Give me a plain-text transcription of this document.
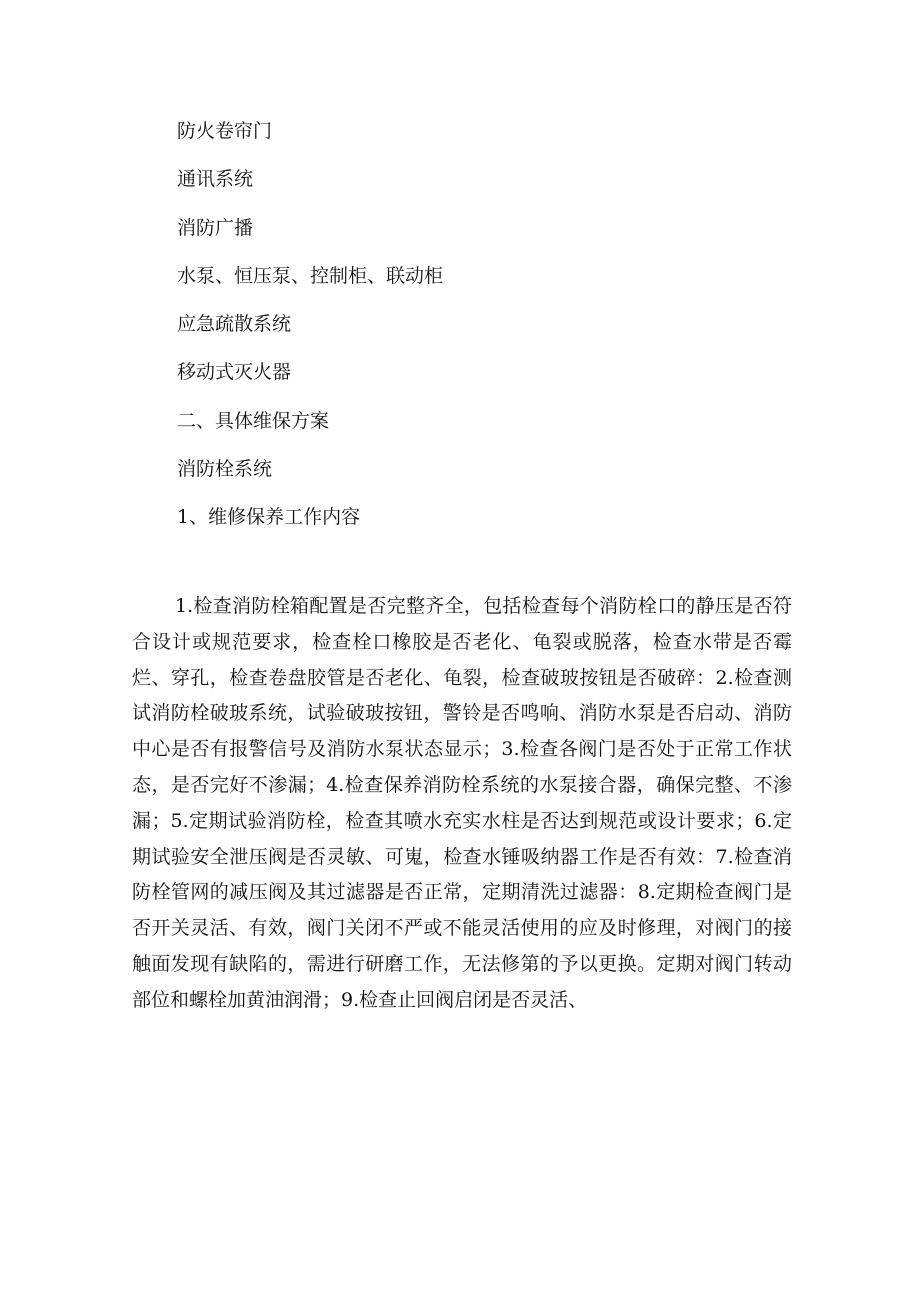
防火卷帘门
通讯系统
消防广播
水泵、恒压泵、控制柜、联动柜
应急疏散系统
移动式灭火器
二、具体维保方案
消防栓系统
1、维修保养工作内容

1.检查消防栓箱配置是否完整齐全，包括检查每个消防栓口的静压是否符合设计或规范要求，检查栓口橡胶是否老化、龟裂或脱落，检查水带是否霉烂、穿孔，检查卷盘胶管是否老化、龟裂，检查破玻按钮是否破碎：2.检查测试消防栓破玻系统，试验破玻按钮，警铃是否鸣响、消防水泵是否启动、消防中心是否有报警信号及消防水泵状态显示；3.检查各阀门是否处于正常工作状态，是否完好不渗漏；4.检查保养消防栓系统的水泵接合器，确保完整、不渗漏；5.定期试验消防栓，检查其喷水充实水柱是否达到规范或设计要求；6.定期试验安全泄压阀是否灵敏、可嵬，检查水锤吸纳器工作是否有效：7.检查消防栓管网的减压阀及其过滤器是否正常，定期清洗过滤器：8.定期检查阀门是否开关灵活、有效，阀门关闭不严或不能灵活使用的应及时修理，对阀门的接触面发现有缺陷的，需进行研磨工作，无法修第的予以更换。定期对阀门转动部位和螺栓加黄油润滑；9.检查止回阀启闭是否灵活、
